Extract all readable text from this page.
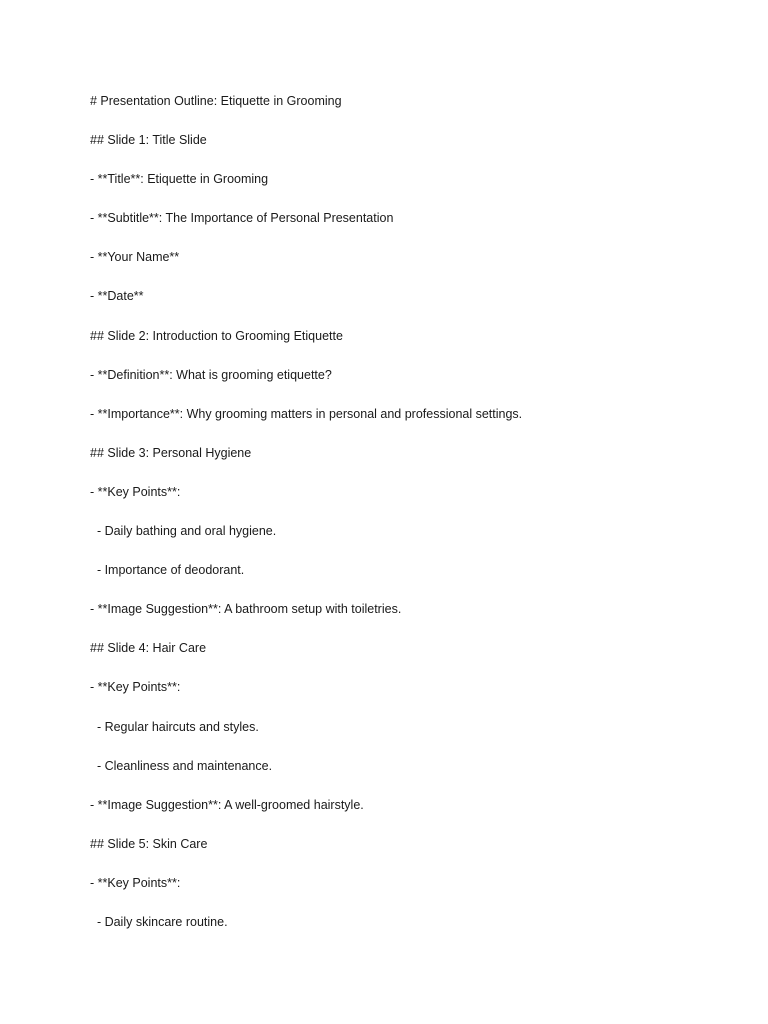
# Presentation Outline: Etiquette in Grooming
## Slide 1: Title Slide
- **Title**: Etiquette in Grooming
- **Subtitle**: The Importance of Personal Presentation
- **Your Name**
- **Date**
## Slide 2: Introduction to Grooming Etiquette
- **Definition**: What is grooming etiquette?
- **Importance**: Why grooming matters in personal and professional settings.
## Slide 3: Personal Hygiene
- **Key Points**:
- Daily bathing and oral hygiene.
- Importance of deodorant.
- **Image Suggestion**: A bathroom setup with toiletries.
## Slide 4: Hair Care
- **Key Points**:
- Regular haircuts and styles.
- Cleanliness and maintenance.
- **Image Suggestion**: A well-groomed hairstyle.
## Slide 5: Skin Care
- **Key Points**:
- Daily skincare routine.
